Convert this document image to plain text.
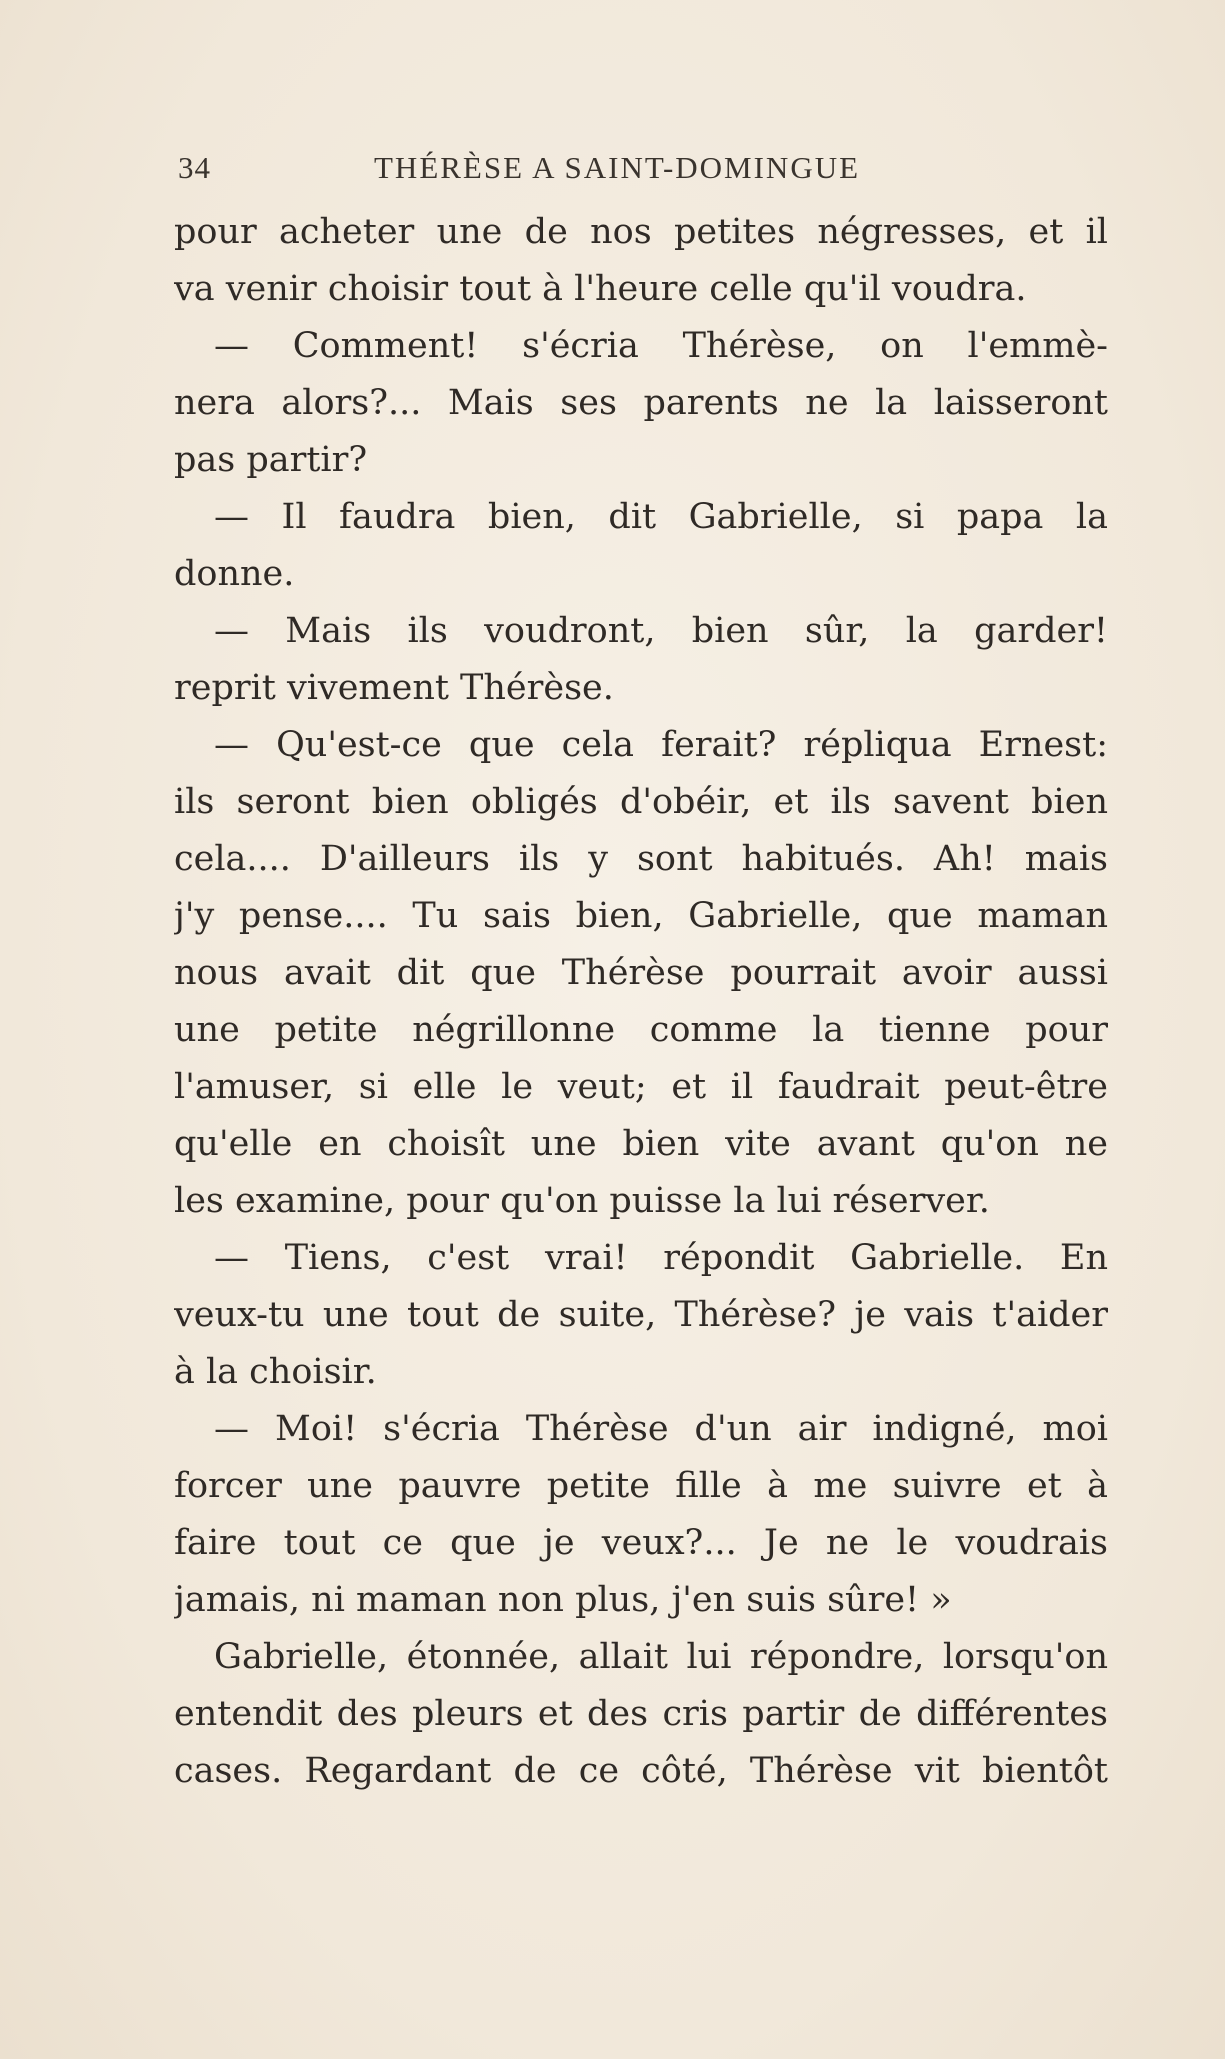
34	THÉRÈSE A SAINT-DOMINGUE
pour acheter une de nos petites négresses, et il
va venir choisir tout à l'heure celle qu'il voudra.
— Comment! s'écria Thérèse, on l'emmè-
nera alors?... Mais ses parents ne la laisseront
pas partir?
— Il faudra bien, dit Gabrielle, si papa la
donne.
— Mais ils voudront, bien sûr, la garder!
reprit vivement Thérèse.
— Qu'est-ce que cela ferait? répliqua Ernest:
ils seront bien obligés d'obéir, et ils savent bien
cela.... D'ailleurs ils y sont habitués. Ah! mais
j'y pense.... Tu sais bien, Gabrielle, que maman
nous avait dit que Thérèse pourrait avoir aussi
une petite négrillonne comme la tienne pour
l'amuser, si elle le veut; et il faudrait peut-être
qu'elle en choisît une bien vite avant qu'on ne
les examine, pour qu'on puisse la lui réserver.
— Tiens, c'est vrai! répondit Gabrielle. En
veux-tu une tout de suite, Thérèse? je vais t'aider
à la choisir.
— Moi! s'écria Thérèse d'un air indigné, moi
forcer une pauvre petite fille à me suivre et à
faire tout ce que je veux?... Je ne le voudrais
jamais, ni maman non plus, j'en suis sûre! »
Gabrielle, étonnée, allait lui répondre, lorsqu'on
entendit des pleurs et des cris partir de différentes
cases. Regardant de ce côté, Thérèse vit bientôt
